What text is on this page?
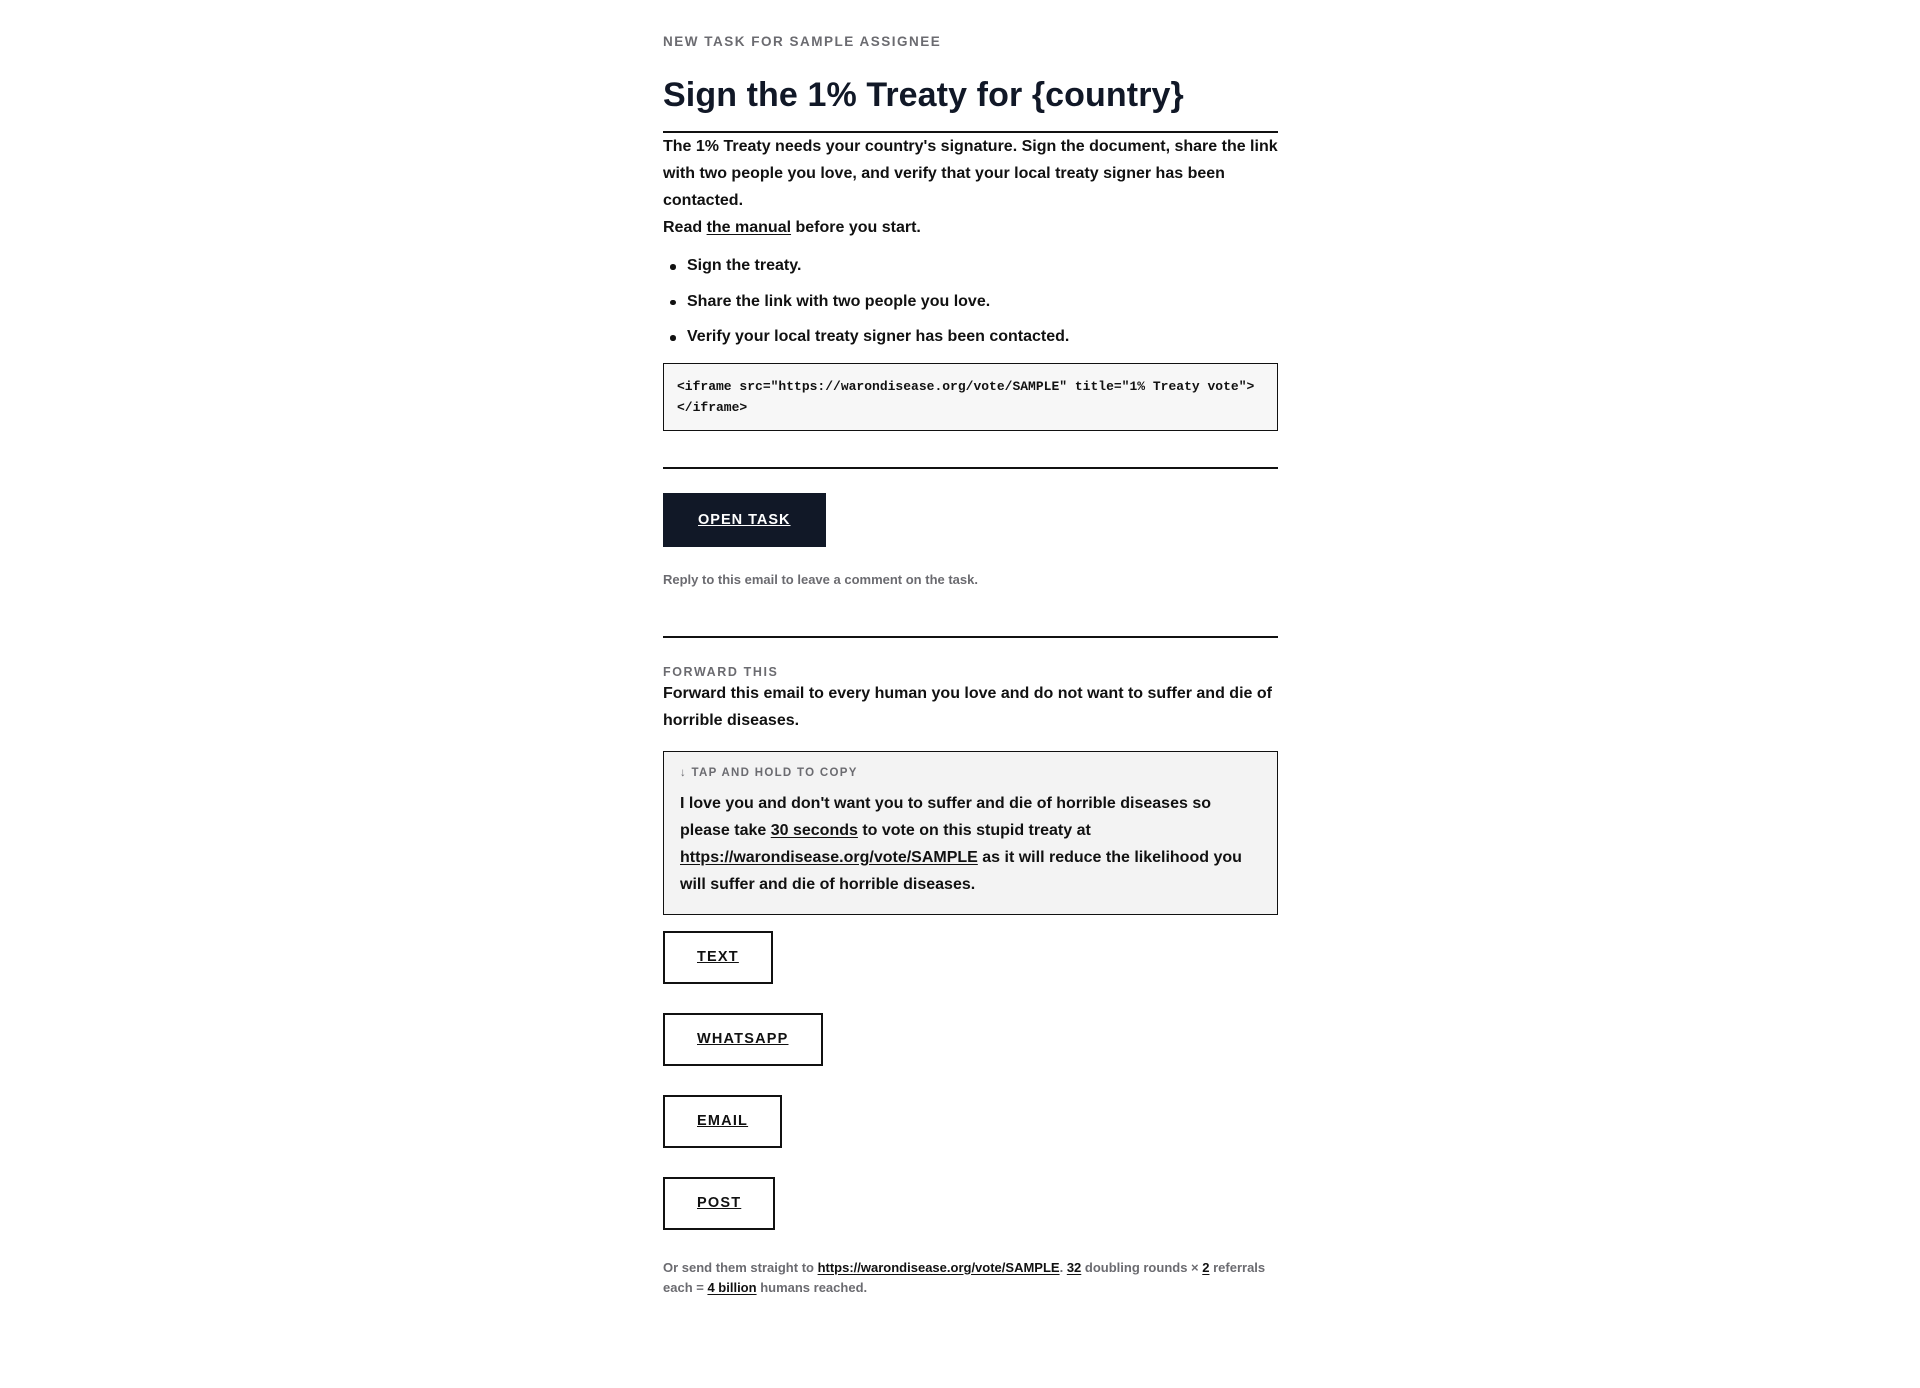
NEW TASK FOR SAMPLE ASSIGNEE
Sign the 1% Treaty for {country}

The 1% Treaty needs your country's signature. Sign the document, share the link with two people you love, and verify that your local treaty signer has been contacted.

Read the manual before you start.

Sign the treaty.
Share the link with two people you love.
Verify your local treaty signer has been contacted.
<iframe src="https://warondisease.org/vote/SAMPLE" title="1% Treaty vote"></iframe>
OPEN TASK
Reply to this email to leave a comment on the task.
FORWARD THIS

Forward this email to every human you love and do not want to suffer and die of horrible diseases.

↓ TAP AND HOLD TO COPY
I love you and don't want you to suffer and die of horrible diseases so please take 30 seconds to vote on this stupid treaty at https://warondisease.org/vote/SAMPLE as it will reduce the likelihood you will suffer and die of horrible diseases.
TEXT
WHATSAPP
EMAIL
POST
Or send them straight to https://warondisease.org/vote/SAMPLE. 32 doubling rounds × 2 referrals each = 4 billion humans reached.
